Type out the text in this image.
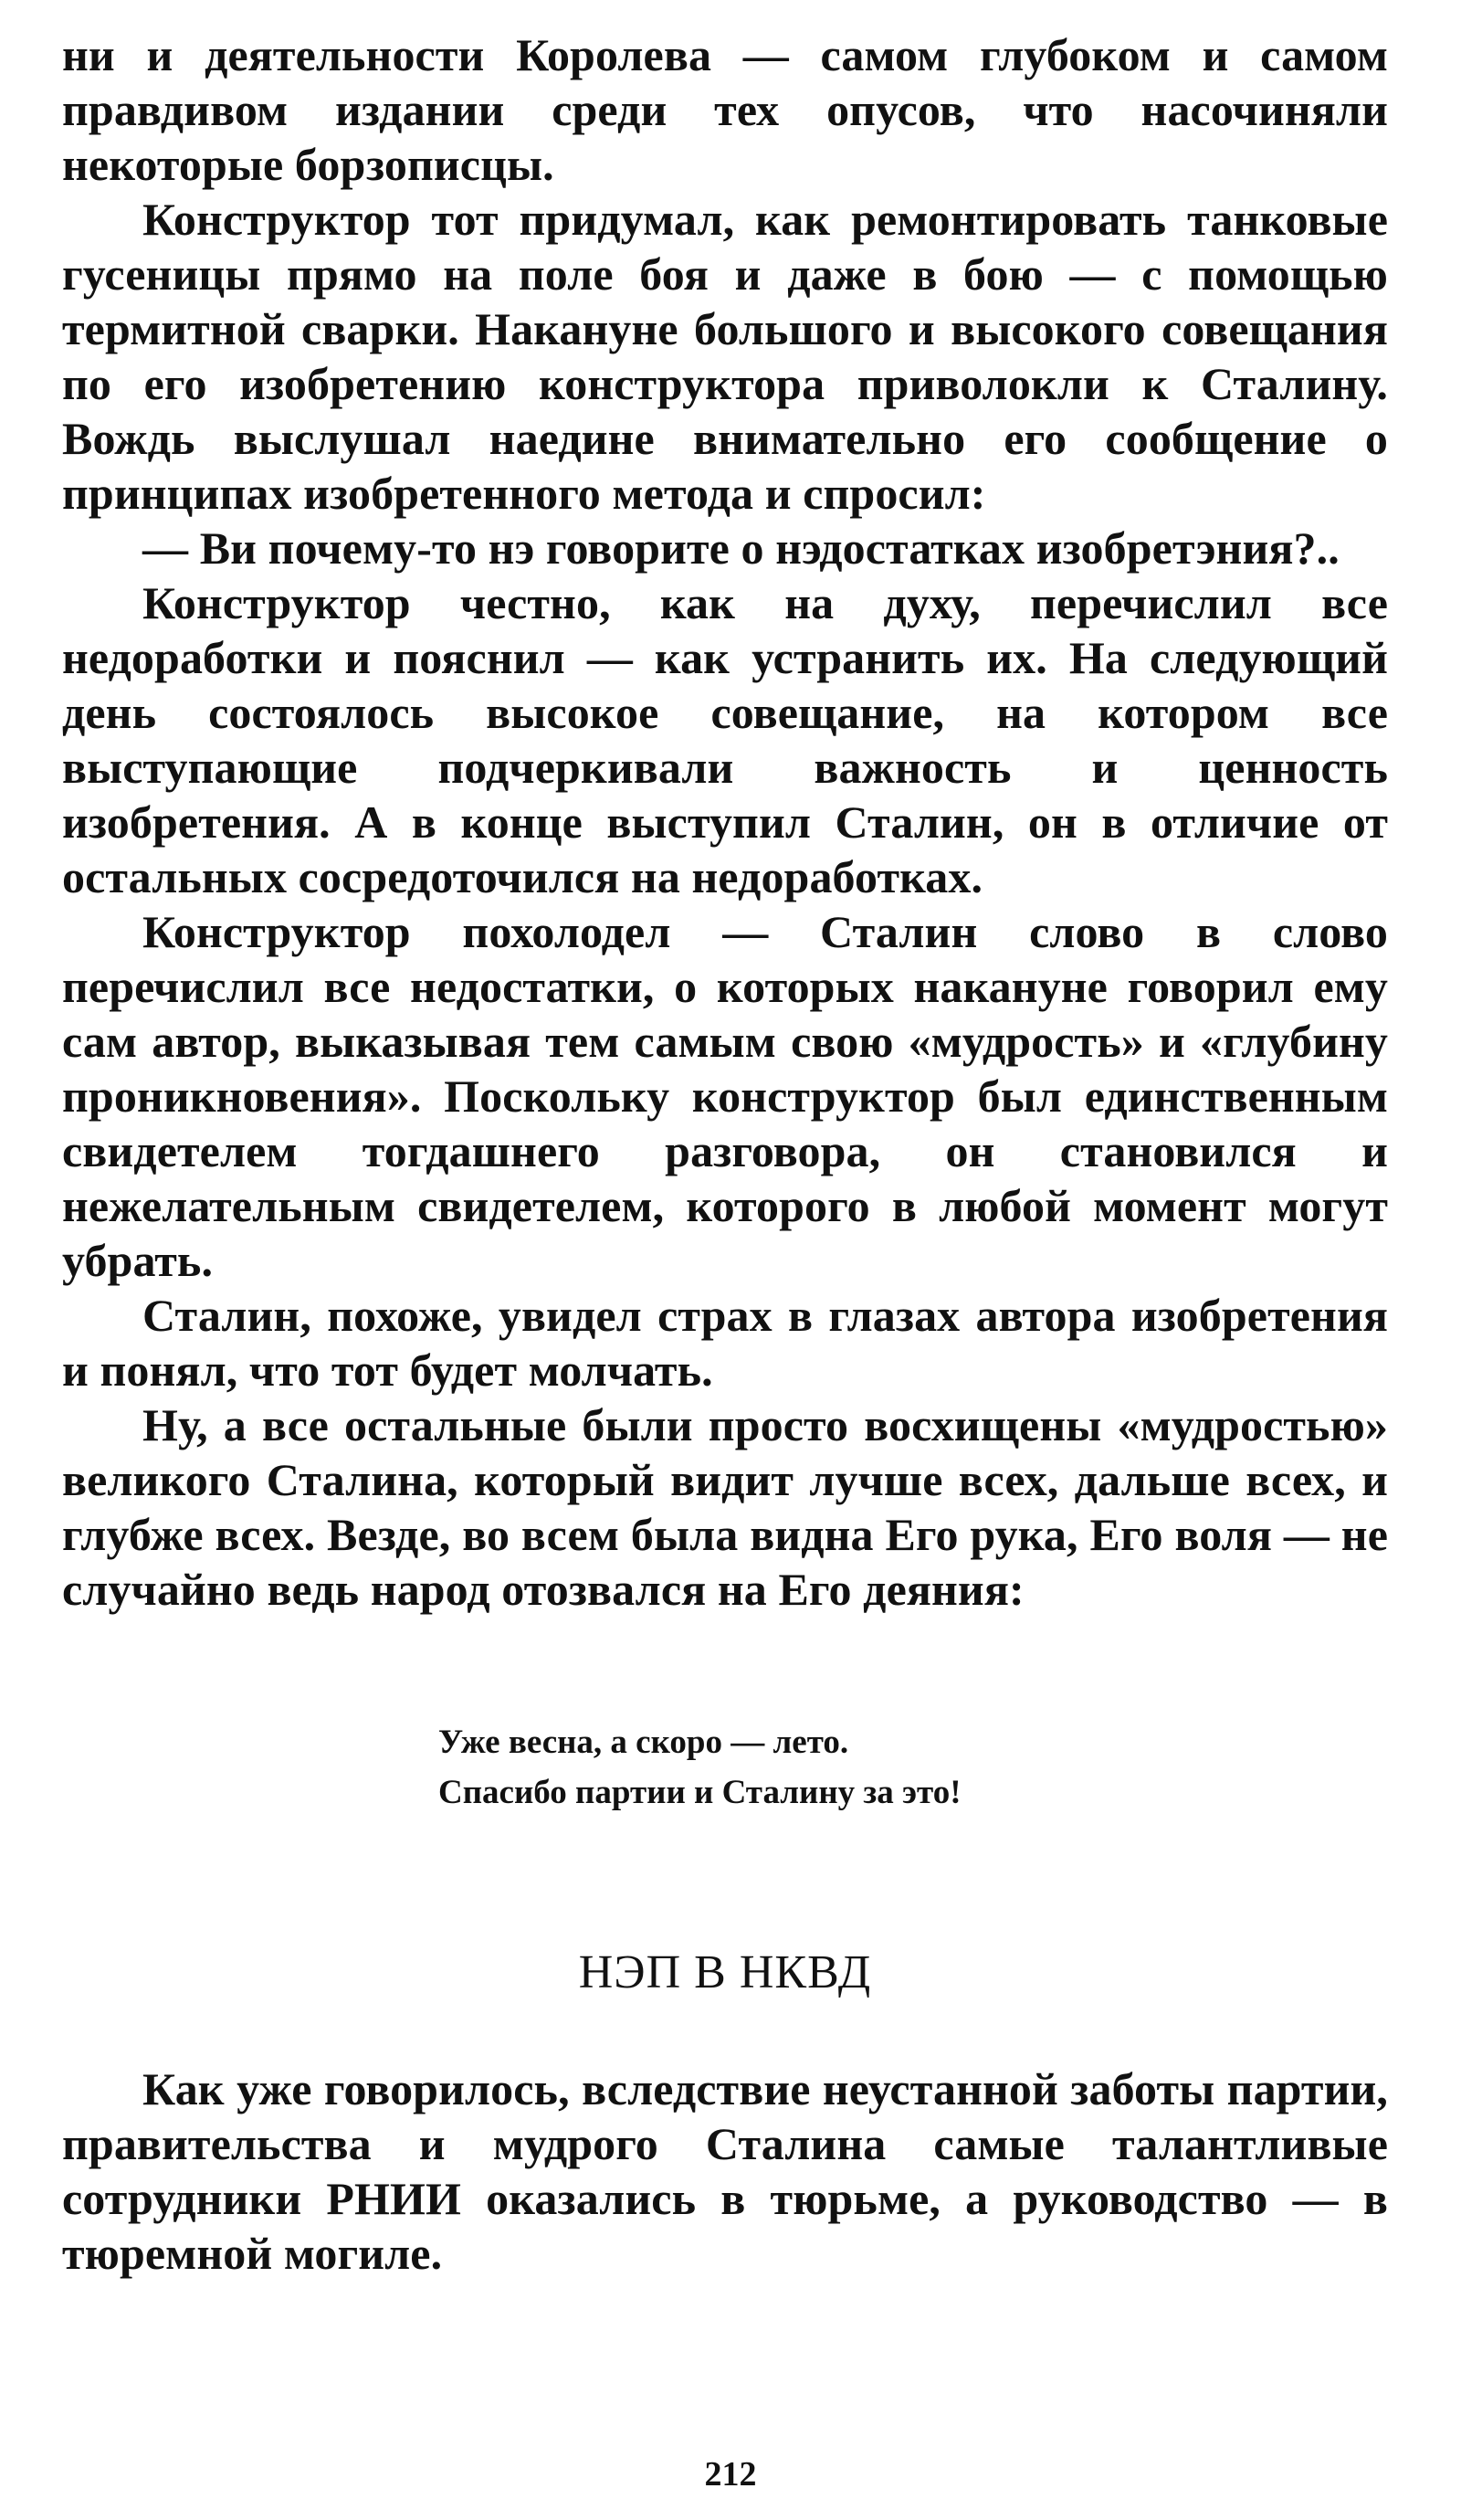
ни и деятельности Королева — самом глубоком и самом правдивом издании среди тех опусов, что насочиняли некоторые борзописцы.

Конструктор тот придумал, как ремонтировать танковые гусеницы прямо на поле боя и даже в бою — с помощью термитной сварки. Накануне большого и высокого совещания по его изобретению конструктора приволокли к Сталину. Вождь выслушал наедине внимательно его сообщение о принципах изобретенного метода и спросил:

— Ви почему-то нэ говорите о нэдостатках изобретэния?..

Конструктор честно, как на духу, перечислил все недоработки и пояснил — как устранить их. На следующий день состоялось высокое совещание, на котором все выступающие подчеркивали важность и ценность изобретения. А в конце выступил Сталин, он в отличие от остальных сосредоточился на недоработках.

Конструктор похолодел — Сталин слово в слово перечислил все недостатки, о которых накануне говорил ему сам автор, выказывая тем самым свою «мудрость» и «глубину проникновения». Поскольку конструктор был единственным свидетелем тогдашнего разговора, он становился и нежелательным свидетелем, которого в любой момент могут убрать.

Сталин, похоже, увидел страх в глазах автора изобретения и понял, что тот будет молчать.

Ну, а все остальные были просто восхищены «мудростью» великого Сталина, который видит лучше всех, дальше всех, и глубже всех. Везде, во всем была видна Его рука, Его воля — не случайно ведь народ отозвался на Его деяния:

Уже весна, а скоро — лето.
Спасибо партии и Сталину за это!
НЭП В НКВД

Как уже говорилось, вследствие неустанной заботы партии, правительства и мудрого Сталина самые талантливые сотрудники РНИИ оказались в тюрьме, а руководство — в тюремной могиле.

212
